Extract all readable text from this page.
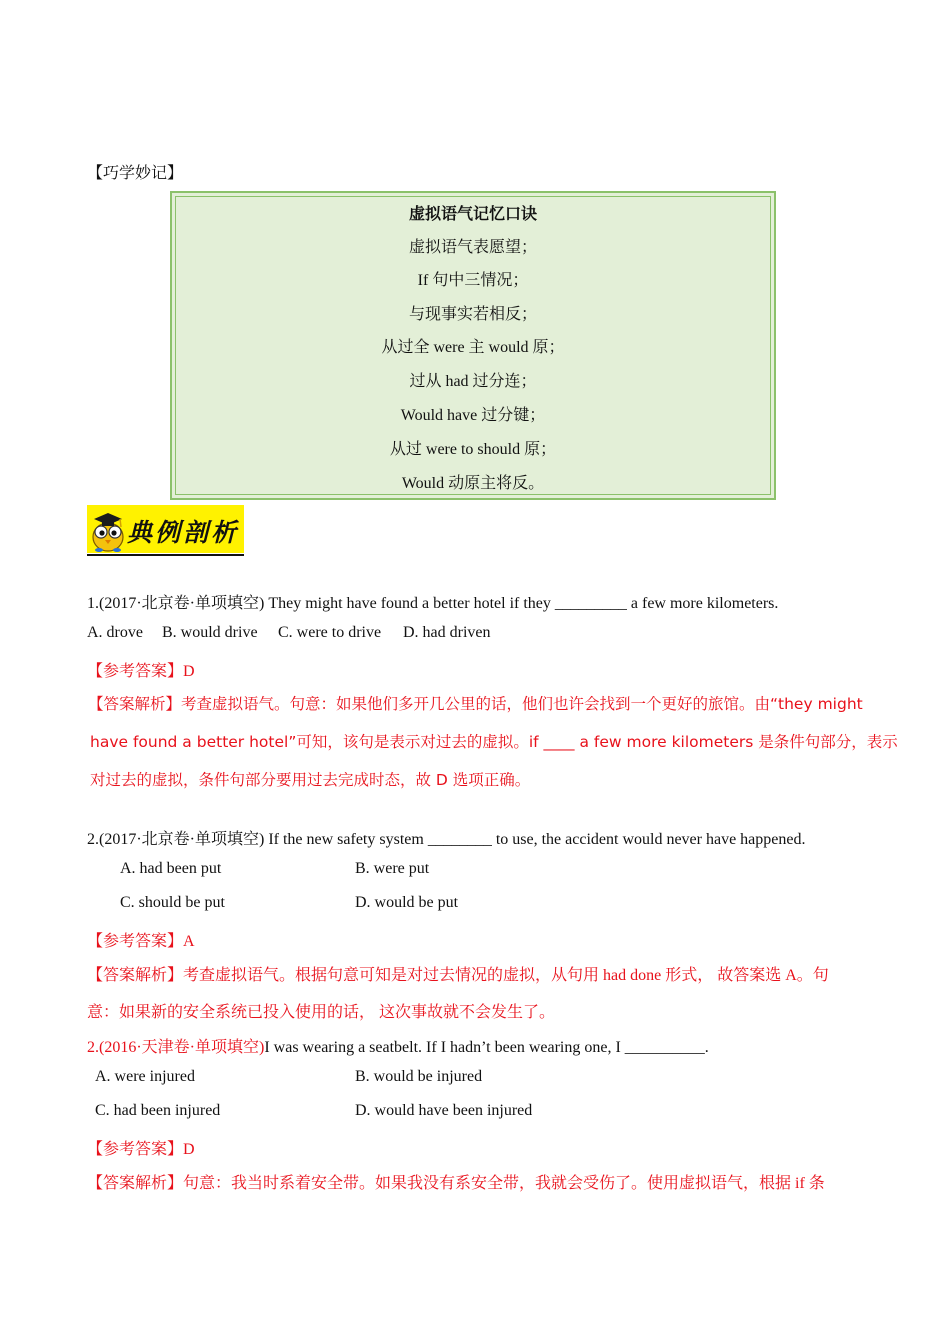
【巧学妙记】
虚拟语气记忆口诀
虚拟语气表愿望；
If 句中三情况；
与现事实若相反；
从过全 were 主 would 原；
过从 had 过分连；
Would have 过分键；
从过 were to should 原；
Would 动原主将反。
典例剖析
1.(2017·北京卷·单项填空) They might have found a better hotel if they _________ a few more kilometers.
A. drove B. would drive C. were to drive D. had driven
【参考答案】D
【答案解析】考查虚拟语气。句意：如果他们多开几公里的话，他们也许会找到一个更好的旅馆。由“they might
have found a better hotel”可知，该句是表示对过去的虚拟。if ____ a few more kilometers 是条件句部分，表示
对过去的虚拟，条件句部分要用过去完成时态，故 D 选项正确。
2.(2017·北京卷·单项填空) If the new safety system ________ to use, the accident would never have happened.
A. had been put	B. were put
C. should be put	D. would be put
【参考答案】A
【答案解析】考查虚拟语气。根据句意可知是对过去情况的虚拟，从句用 had done 形式， 故答案选 A。句
意：如果新的安全系统已投入使用的话， 这次事故就不会发生了。
2.(2016·天津卷·单项填空)I was wearing a seatbelt. If I hadn’t been wearing one, I __________.
A. were injured	B. would be injured
C. had been injured	D. would have been injured
【参考答案】D
【答案解析】句意：我当时系着安全带。如果我没有系安全带，我就会受伤了。使用虚拟语气，根据 if 条
